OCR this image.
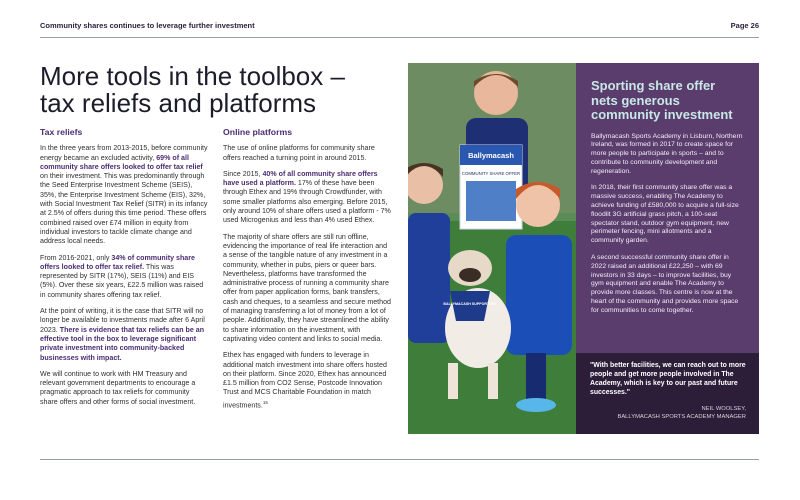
Community shares continues to leverage further investment	Page 26
More tools in the toolbox –
tax reliefs and platforms
Tax reliefs

In the three years from 2013-2015, before community energy became an excluded activity, 69% of all community share offers looked to offer tax relief on their investment. This was predominantly through the Seed Enterprise Investment Scheme (SEIS), 35%, the Enterprise Investment Scheme (EIS), 32%, with Social Investment Tax Relief (SITR) in its infancy at 2.5% of offers during this time period. These offers combined raised over £74 million in equity from individual investors to tackle climate change and address local needs.

From 2016-2021, only 34% of community share offers looked to offer tax relief. This was represented by SITR (17%), SEIS (11%) and EIS (5%). Over these six years, £22.5 million was raised in community shares offering tax relief.

At the point of writing, it is the case that SITR will no longer be available to investments made after 6 April 2023. There is evidence that tax reliefs can be an effective tool in the box to leverage significant private investment into community-backed businesses with impact.

We will continue to work with HM Treasury and relevant government departments to encourage a pragmatic approach to tax reliefs for community share offers and other forms of social investment.

Online platforms

The use of online platforms for community share offers reached a turning point in around 2015.

Since 2015, 40% of all community share offers have used a platform. 17% of these have been through Ethex and 19% through Crowdfunder, with some smaller platforms also emerging. Before 2015, only around 10% of share offers used a platform - 7% used Microgenius and less than 4% used Ethex.

The majority of share offers are still run offline, evidencing the importance of real life interaction and a sense of the tangible nature of any investment in a community, whether in pubs, piers or queer bars. Nevertheless, platforms have transformed the administrative process of running a community share offer from paper application forms, bank transfers, cash and cheques, to a seamless and secure method of managing transferring a lot of money from a lot of people. Additionally, they have streamlined the ability to share information on the investment, with captivating video content and links to social media.

Ethex has engaged with funders to leverage in additional match investment into share offers hosted on their platform. Since 2020, Ethex has announced £1.5 million from CO2 Sense, Postcode Innovation Trust and MCS Charitable Foundation in match investments.$^{15}$

Ballymacash
COMMUNITY SHARE OFFER
BALLYMACASH SUPPORTERS
Sporting share offer nets generous community investment

Ballymacash Sports Academy in Lisburn, Northern Ireland, was formed in 2017 to create space for more people to participate in sports – and to contribute to community development and regeneration.

In 2018, their first community share offer was a massive success, enabling The Academy to achieve funding of £580,000 to acquire a full-size floodlit 3G artificial grass pitch, a 100-seat spectator stand, outdoor gym equipment, new perimeter fencing, mini allotments and a community garden.

A second successful community share offer in 2022 raised an additional £22,250 – with 69 investors in 33 days – to improve facilities, buy gym equipment and enable The Academy to provide more classes. This centre is now at the heart of the community and provides more space for communities to come together.

"With better facilities, we can reach out to more people and get more people involved in The Academy, which is key to our past and future successes."

NEIL WOOLSEY,
BALLYMACASH SPORTS ACADEMY MANAGER
